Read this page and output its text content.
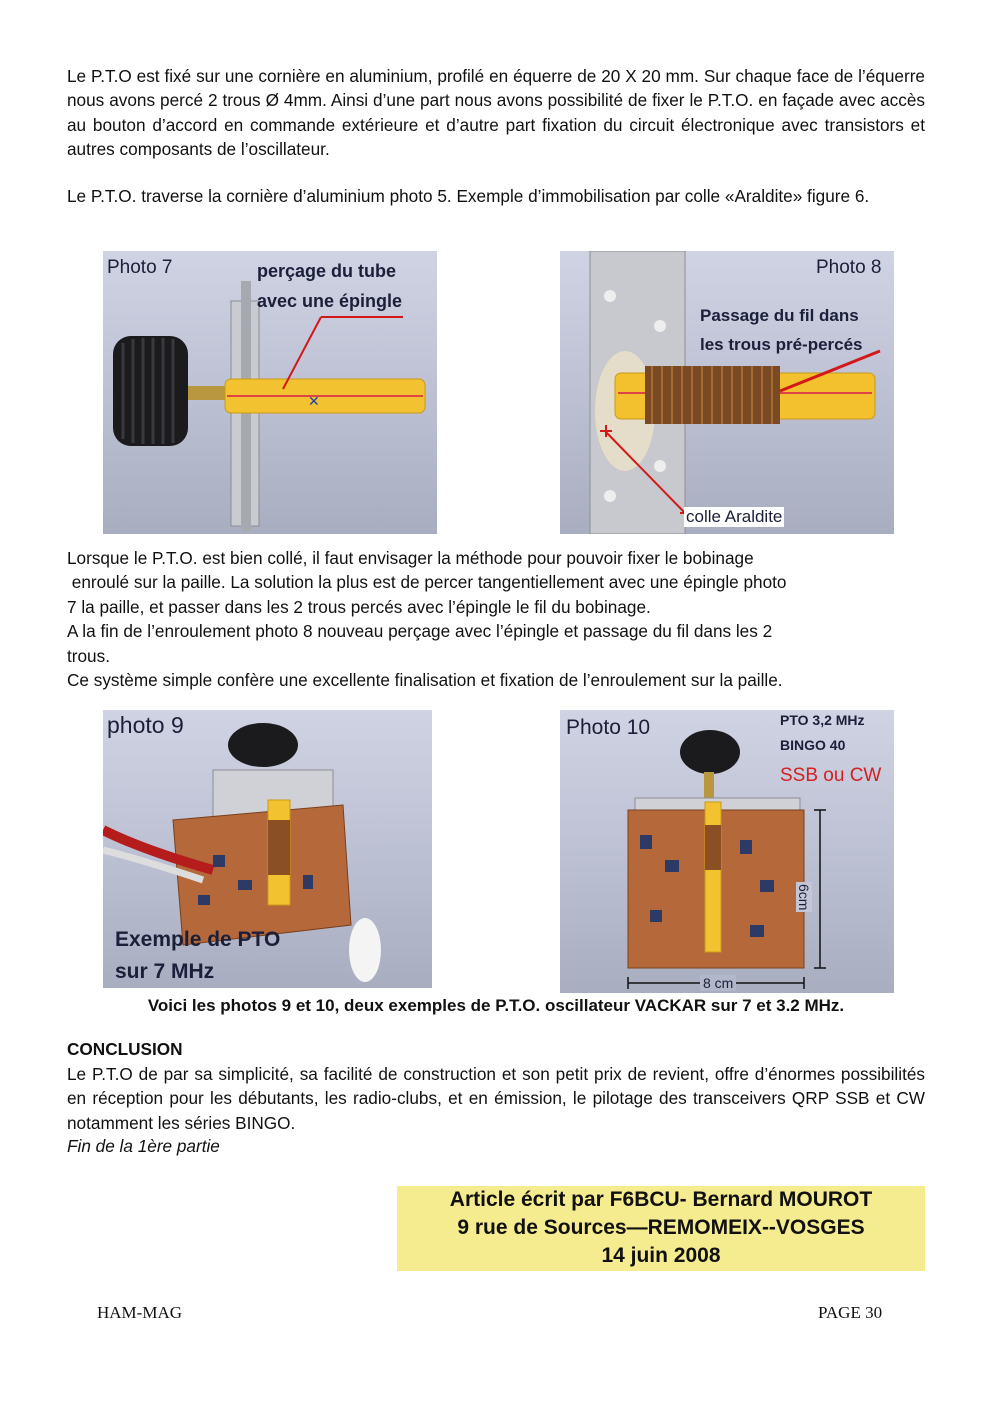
Le P.T.O est fixé sur une cornière en aluminium, profilé en équerre de 20 X 20 mm. Sur chaque face de l’équerre nous avons percé 2 trous Ø 4mm. Ainsi d’une part nous avons possibilité de fixer le P.T.O. en façade avec accès au bouton d’accord en commande extérieure et d’autre part fixation du circuit électronique avec transistors et autres composants de l’oscillateur.

Le P.T.O. traverse la cornière d’aluminium photo 5. Exemple d’immobilisation par colle «Araldite» figure 6.

✕
Photo 7	perçage du tube
avec une épingle
Photo 8
Passage du fil dans
les trous pré-percés
colle Araldite
Lorsque le P.T.O. est bien collé, il faut envisager la méthode pour pouvoir fixer le bobinage
enroulé sur la paille. La solution la plus est de percer tangentiellement avec une épingle photo
7 la paille, et passer dans les 2 trous percés avec l’épingle le fil du bobinage.
A la fin de l’enroulement photo 8 nouveau perçage avec l’épingle et passage du fil dans les 2
trous.
Ce système simple confère une excellente finalisation et fixation de l’enroulement sur la paille.
photo 9
Exemple de PTO
sur 7 MHz
Photo 10	PTO 3,2 MHz
BINGO 40
SSB ou CW
6cm
8 cm
Voici les photos 9 et 10, deux exemples de P.T.O. oscillateur VACKAR sur 7 et 3.2 MHz.
CONCLUSION

Le P.T.O de par sa simplicité, sa facilité de construction et son petit prix de revient, offre d’énormes possibilités en réception pour les débutants, les radio-clubs, et en émission, le pilotage des transceivers QRP SSB et CW notamment les séries BINGO.

Fin de la 1ère partie

Article écrit par F6BCU- Bernard MOUROT
9 rue de Sources—REMOMEIX--VOSGES
14 juin 2008
HAM-MAG	PAGE 30
